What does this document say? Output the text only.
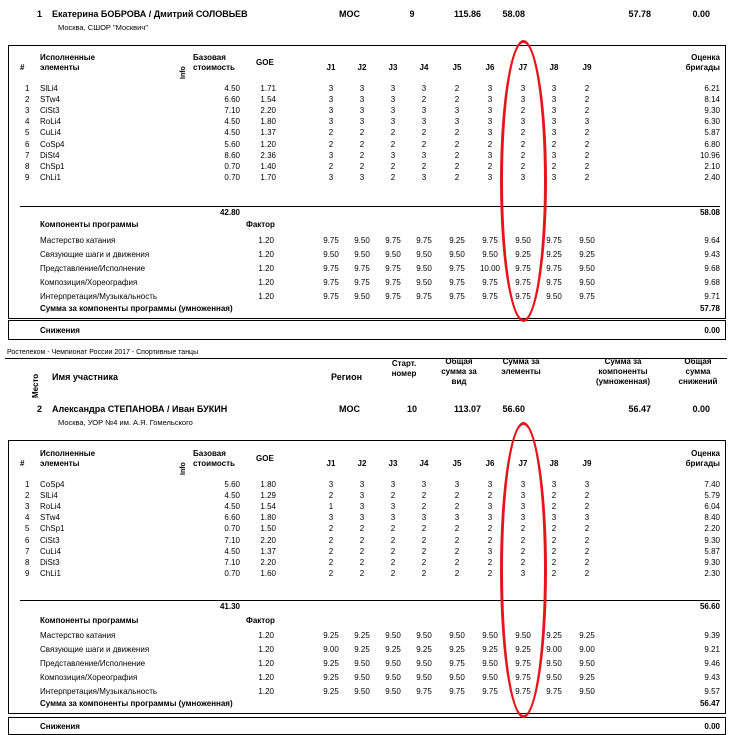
Ростелеком - Чемпионат России 2017 - Спортивные танцы
Место Имя участника	Регион
Старт. номер
Общая сумма за вид
Сумма за элементы
Сумма за компоненты (умноженная)
Общая сумма снижений
1	Екатерина БОБРОВА / Дмитрий СОЛОВЬЕВ
Москва, СШОР "Москвич"
МОС	9	115.86	58.08	57.78	0.00
#
Исполненные элементы	Info
Базовая стоимость
GOE
J1	J2	J3	J4	J5	J6	J7	J8	J9
Оценка бригады
1	SlLi4	4.50	1.71	3	3	3	3	2	3	3	3	2	6.21
2	STw4	6.60	1.54	3	3	3	2	2	3	3	3	2	8.14
3	CiSt3	7.10	2.20	3	3	3	3	3	3	2	3	2	9.30
4	RoLi4	4.50	1.80	3	3	3	3	3	3	3	3	3	6.30
5	CuLi4	4.50	1.37	2	2	2	2	2	3	2	3	2	5.87
6	CoSp4	5.60	1.20	2	2	2	2	2	2	2	2	2	6.80
7	DiSt4	8.60	2.36	3	2	3	3	2	3	2	3	2	10.96
8	ChSp1	0.70	1.40	2	2	2	2	2	2	2	2	2	2.10
9	ChLi1	0.70	1.70	3	3	2	3	2	3	3	3	2	2.40
42.80	58.08
Компоненты программы	Фактор
Мастерство катания	1.20	9.75	9.50	9.75	9.75	9.25	9.75	9.50	9.75	9.50	9.64
Связующие шаги и движения	1.20	9.50	9.50	9.50	9.50	9.50	9.50	9.25	9.25	9.25	9.43
Представление/Исполнение	1.20	9.75	9.75	9.75	9.50	9.75	10.00	9.75	9.75	9.50	9.68
Композиция/Хореография	1.20	9.75	9.75	9.75	9.50	9.75	9.75	9.75	9.75	9.50	9.68
Интерпретация/Музыкальность	1.20	9.75	9.50	9.75	9.75	9.75	9.75	9.75	9.50	9.75	9.71
Сумма за компоненты программы (умноженная)	57.78
Снижения	0.00
2	Александра СТЕПАНОВА / Иван БУКИН
Москва, УОР №4 им. А.Я. Гомельского
МОС	10	113.07	56.60	56.47	0.00
#
Исполненные элементы	Info
Базовая стоимость
GOE
J1	J2	J3	J4	J5	J6	J7	J8	J9
Оценка бригады
1	CoSp4	5.60	1.80	3	3	3	3	3	3	3	3	3	7.40
2	SlLi4	4.50	1.29	2	3	2	2	2	2	3	2	2	5.79
3	RoLi4	4.50	1.54	1	3	3	2	2	3	3	2	2	6.04
4	STw4	6.60	1.80	3	3	3	3	3	3	3	3	3	8.40
5	ChSp1	0.70	1.50	2	2	2	2	2	2	2	2	2	2.20
6	CiSt3	7.10	2.20	2	2	2	2	2	2	2	2	2	9.30
7	CuLi4	4.50	1.37	2	2	2	2	2	3	2	2	2	5.87
8	DiSt3	7.10	2.20	2	2	2	2	2	2	2	2	2	9.30
9	ChLi1	0.70	1.60	2	2	2	2	2	2	3	2	2	2.30
41.30	56.60
Компоненты программы	Фактор
Мастерство катания	1.20	9.25	9.25	9.50	9.50	9.50	9.50	9.50	9.25	9.25	9.39
Связующие шаги и движения	1.20	9.00	9.25	9.25	9.25	9.25	9.25	9.25	9.00	9.00	9.21
Представление/Исполнение	1.20	9.25	9.50	9.50	9.50	9.75	9.50	9.75	9.50	9.50	9.46
Композиция/Хореография	1.20	9.25	9.50	9.50	9.50	9.50	9.50	9.75	9.50	9.25	9.43
Интерпретация/Музыкальность	1.20	9.25	9.50	9.50	9.75	9.75	9.75	9.75	9.75	9.50	9.57
Сумма за компоненты программы (умноженная)	56.47
Снижения	0.00
